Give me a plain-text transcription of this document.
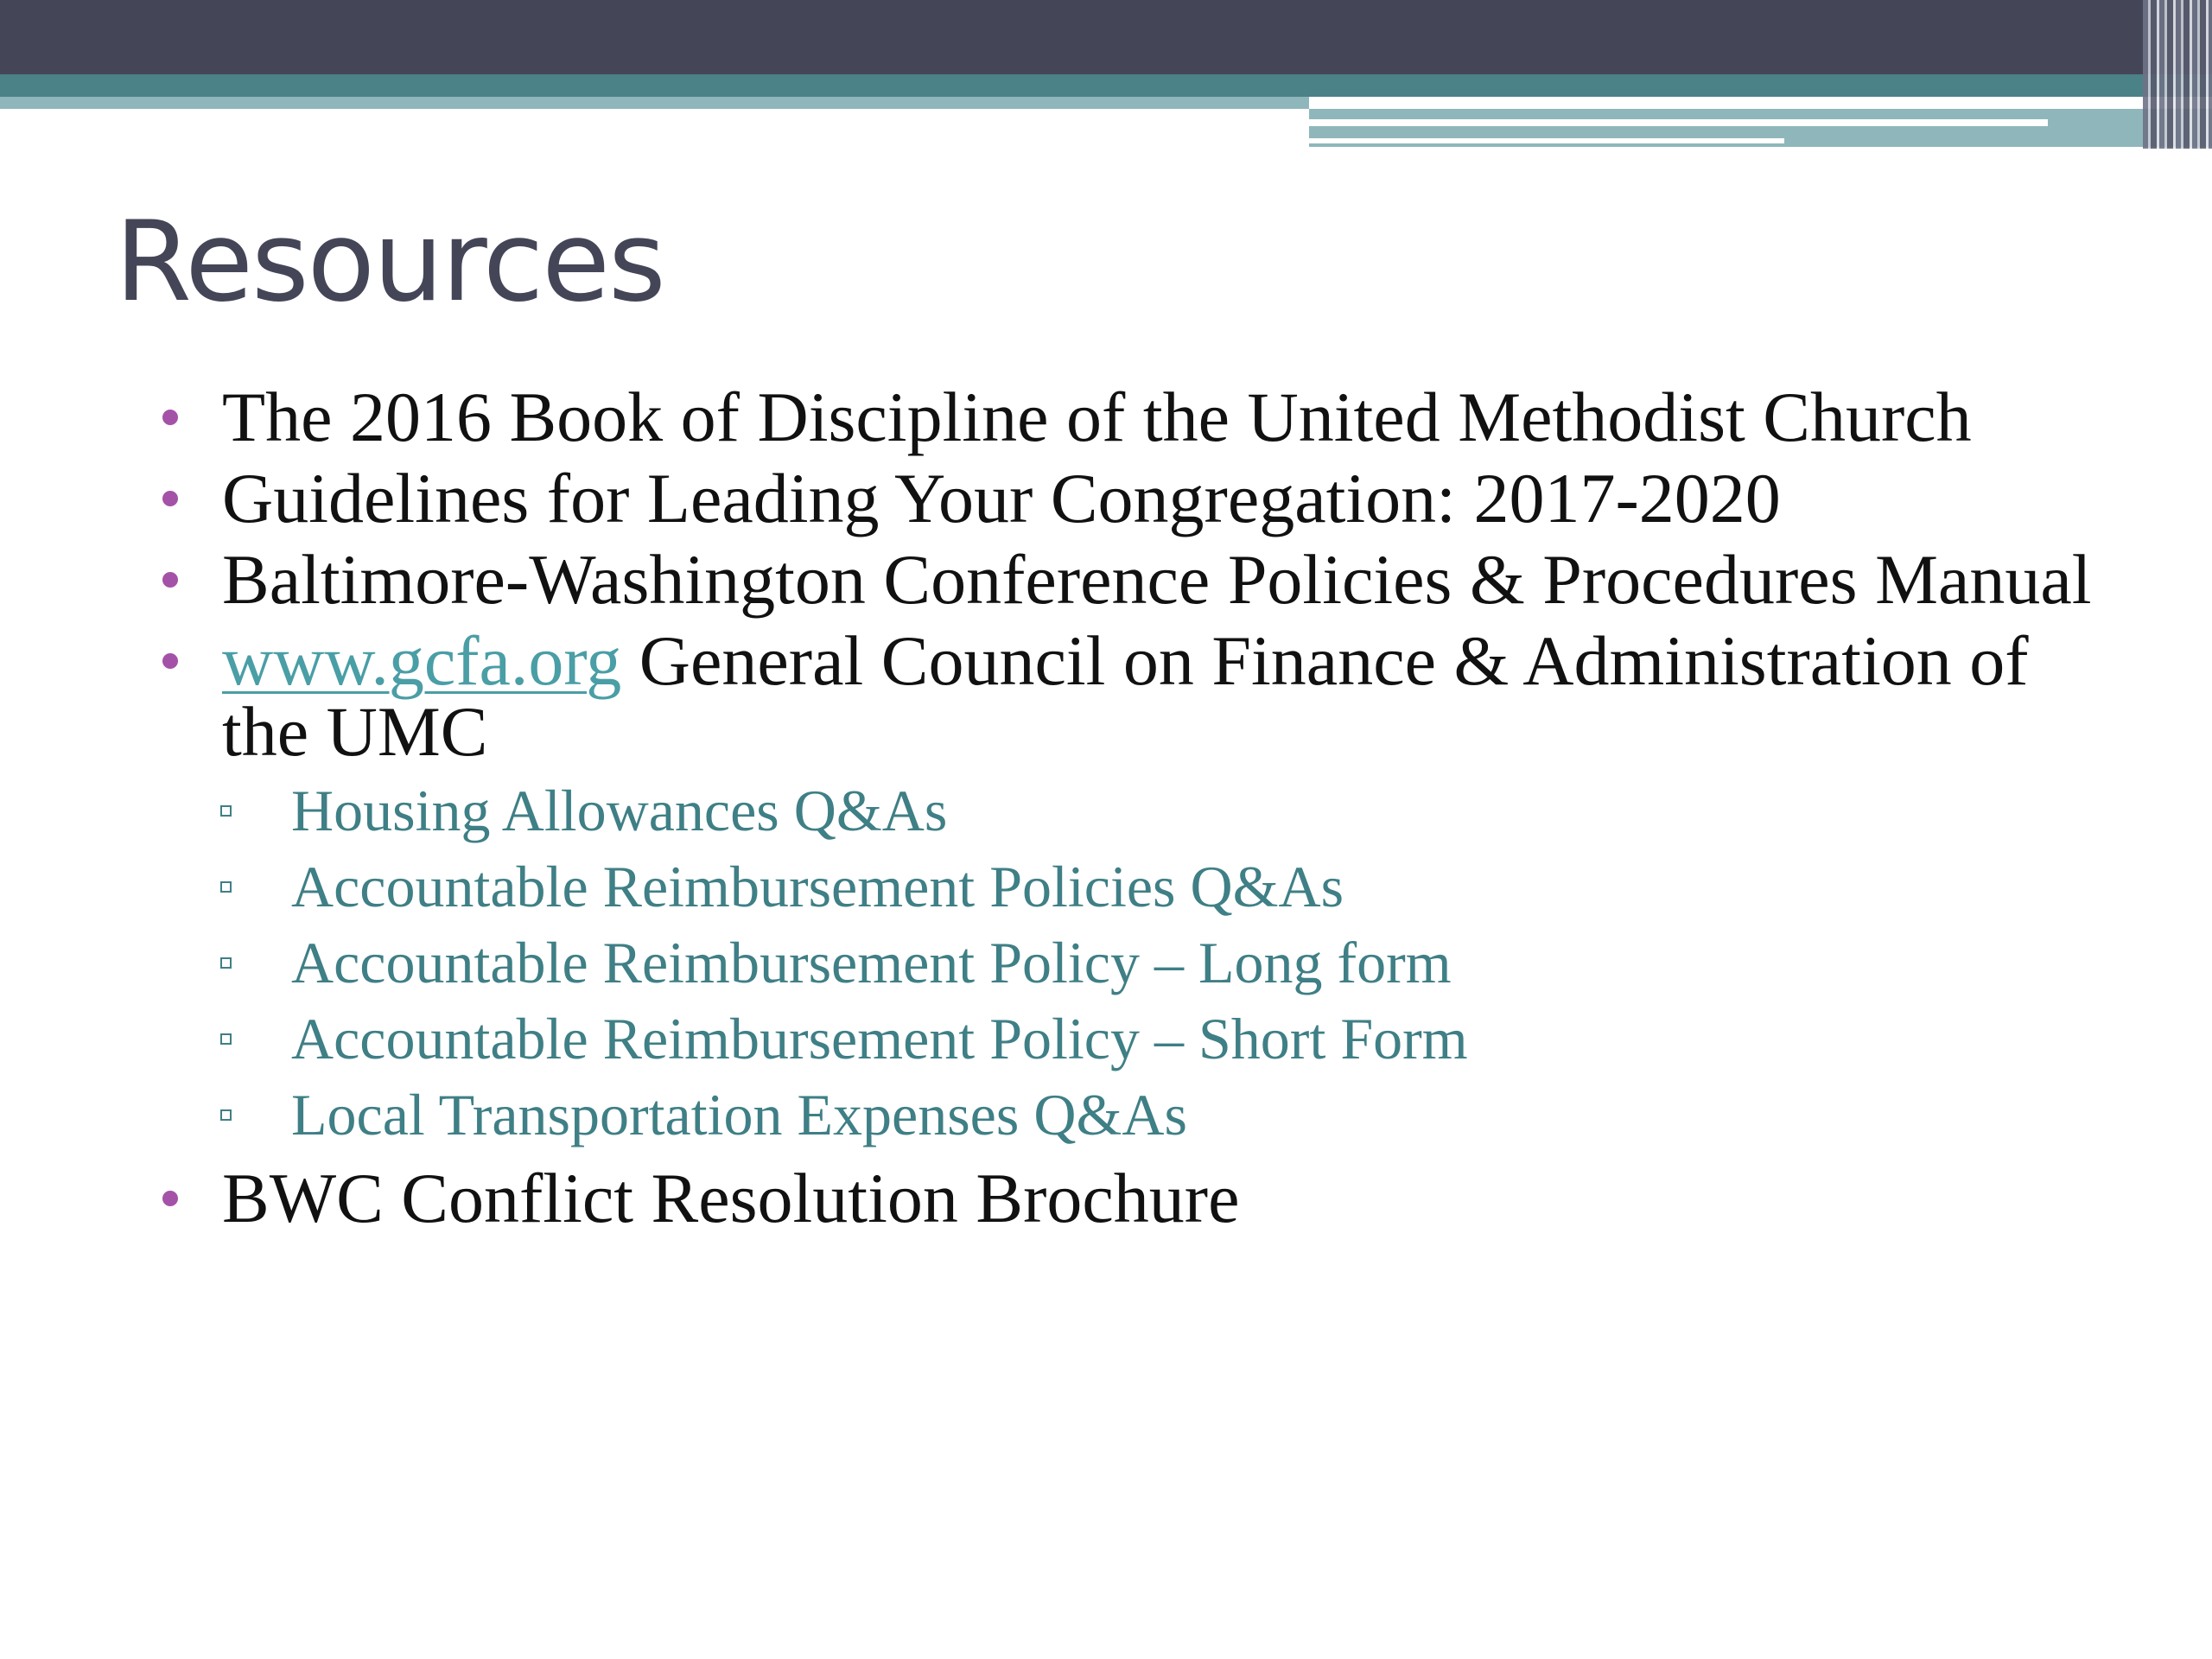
Resources
The 2016 Book of Discipline of the United Methodist Church
Guidelines for Leading Your Congregation: 2017-2020
Baltimore-Washington Conference Policies & Procedures Manual
www.gcfa.org General Council on Finance & Administration of the UMC
Housing Allowances Q&As
Accountable Reimbursement Policies Q&As
Accountable Reimbursement Policy – Long form
Accountable Reimbursement Policy – Short Form
Local Transportation Expenses Q&As
BWC Conflict Resolution Brochure
